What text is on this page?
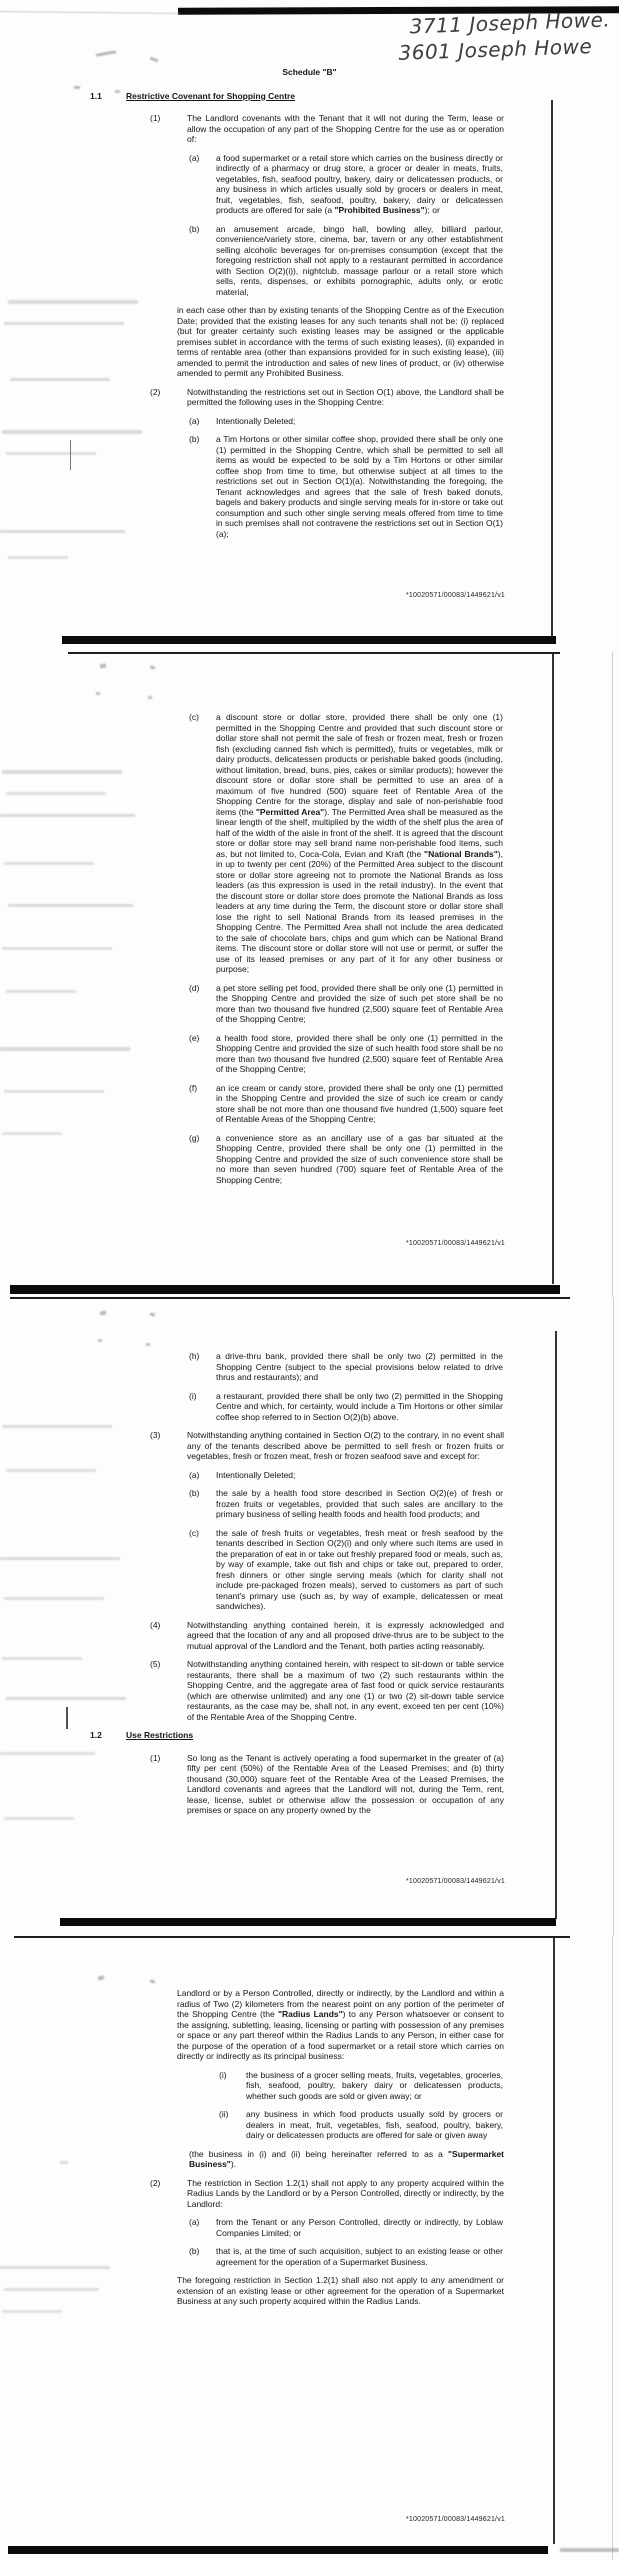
3711 Joseph Howe.
3601 Joseph Howe
Schedule "B"
1.1	Restrictive Covenant for Shopping Centre
(1)	The Landlord covenants with the Tenant that it will not during the Term, lease or allow the occupation of any part of the Shopping Centre for the use as or operation of:
(a)	a food supermarket or a retail store which carries on the business directly or indirectly of a pharmacy or drug store, a grocer or dealer in meats, fruits, vegetables, fish, seafood poultry, bakery, dairy or delicatessen products, or any business in which articles usually sold by grocers or dealers in meat, fruit, vegetables, fish, seafood, poultry, bakery, dairy or delicatessen products are offered for sale (a "Prohibited Business"); or
(b)	an amusement arcade, bingo hall, bowling alley, billiard parlour, convenience/variety store, cinema, bar, tavern or any other establishment selling alcoholic beverages for on-premises consumption (except that the foregoing restriction shall not apply to a restaurant permitted in accordance with Section O(2)(i)), nightclub, massage parlour or a retail store which sells, rents, dispenses, or exhibits pornographic, adults only, or erotic material,
in each case other than by existing tenants of the Shopping Centre as of the Execution Date; provided that the existing leases for any such tenants shall not be: (i) replaced (but for greater certainty such existing leases may be assigned or the applicable premises sublet in accordance with the terms of such existing leases), (ii) expanded in terms of rentable area (other than expansions provided for in such existing lease), (iii) amended to permit the introduction and sales of new lines of product, or (iv) otherwise amended to permit any Prohibited Business.
(2)	Notwithstanding the restrictions set out in Section O(1) above, the Landlord shall be permitted the following uses in the Shopping Centre:
(a)	Intentionally Deleted;
(b)	a Tim Hortons or other similar coffee shop, provided there shall be only one (1) permitted in the Shopping Centre, which shall be permitted to sell all items as would be expected to be sold by a Tim Hortons or other similar coffee shop from time to time, but otherwise subject at all times to the restrictions set out in Section O(1)(a). Notwithstanding the foregoing, the Tenant acknowledges and agrees that the sale of fresh baked donuts, bagels and bakery products and single serving meals for in-store or take out consumption and such other single serving meals offered from time to time in such premises shall not contravene the restrictions set out in Section O(1)(a);
*10020571/00083/1449621/v1
(c)	a discount store or dollar store, provided there shall be only one (1) permitted in the Shopping Centre and provided that such discount store or dollar store shall not permit the sale of fresh or frozen meat, fresh or frozen fish (excluding canned fish which is permitted), fruits or vegetables, milk or dairy products, delicatessen products or perishable baked goods (including, without limitation, bread, buns, pies, cakes or similar products); however the discount store or dollar store shall be permitted to use an area of a maximum of five hundred (500) square feet of Rentable Area of the Shopping Centre for the storage, display and sale of non-perishable food items (the "Permitted Area"). The Permitted Area shall be measured as the linear length of the shelf, multiplied by the width of the shelf plus the area of half of the width of the aisle in front of the shelf. It is agreed that the discount store or dollar store may sell brand name non-perishable food items, such as, but not limited to, Coca-Cola, Evian and Kraft (the "National Brands"), in up to twenty per cent (20%) of the Permitted Area subject to the discount store or dollar store agreeing not to promote the National Brands as loss leaders (as this expression is used in the retail industry). In the event that the discount store or dollar store does promote the National Brands as loss leaders at any time during the Term, the discount store or dollar store shall lose the right to sell National Brands from its leased premises in the Shopping Centre. The Permitted Area shall not include the area dedicated to the sale of chocolate bars, chips and gum which can be National Brand items. The discount store or dollar store will not use or permit, or suffer the use of its leased premises or any part of it for any other business or purpose;
(d)	a pet store selling pet food, provided there shall be only one (1) permitted in the Shopping Centre and provided the size of such pet store shall be no more than two thousand five hundred (2,500) square feet of Rentable Area of the Shopping Centre;
(e)	a health food store, provided there shall be only one (1) permitted in the Shopping Centre and provided the size of such health food store shall be no more than two thousand five hundred (2,500) square feet of Rentable Area of the Shopping Centre;
(f)	an ice cream or candy store, provided there shall be only one (1) permitted in the Shopping Centre and provided the size of such ice cream or candy store shall be not more than one thousand five hundred (1,500) square feet of Rentable Areas of the Shopping Centre;
(g)	a convenience store as an ancillary use of a gas bar situated at the Shopping Centre, provided there shall be only one (1) permitted in the Shopping Centre and provided the size of such convenience store shall be no more than seven hundred (700) square feet of Rentable Area of the Shopping Centre;
*10020571/00083/1449621/v1
(h)	a drive-thru bank, provided there shall be only two (2) permitted in the Shopping Centre (subject to the special provisions below related to drive thrus and restaurants); and
(i)	a restaurant, provided there shall be only two (2) permitted in the Shopping Centre and which, for certainty, would include a Tim Hortons or other similar coffee shop referred to in Section O(2)(b) above.
(3)	Notwithstanding anything contained in Section O(2) to the contrary, in no event shall any of the tenants described above be permitted to sell fresh or frozen fruits or vegetables, fresh or frozen meat, fresh or frozen seafood save and except for:
(a)	Intentionally Deleted;
(b)	the sale by a health food store described in Section O(2)(e) of fresh or frozen fruits or vegetables, provided that such sales are ancillary to the primary business of selling health foods and health food products; and
(c)	the sale of fresh fruits or vegetables, fresh meat or fresh seafood by the tenants described in Section O(2)(i) and only where such items are used in the preparation of eat in or take out freshly prepared food or meals, such as, by way of example, take out fish and chips or take out, prepared to order, fresh dinners or other single serving meals (which for clarity shall not include pre-packaged frozen meals), served to customers as part of such tenant's primary use (such as, by way of example, delicatessen or meat sandwiches).
(4)	Notwithstanding anything contained herein, it is expressly acknowledged and agreed that the location of any and all proposed drive-thrus are to be subject to the mutual approval of the Landlord and the Tenant, both parties acting reasonably.
(5)	Notwithstanding anything contained herein, with respect to sit-down or table service restaurants, there shall be a maximum of two (2) such restaurants within the Shopping Centre, and the aggregate area of fast food or quick service restaurants (which are otherwise unlimited) and any one (1) or two (2) sit-down table service restaurants, as the case may be, shall not, in any event, exceed ten per cent (10%) of the Rentable Area of the Shopping Centre.
1.2	Use Restrictions
(1)	So long as the Tenant is actively operating a food supermarket in the greater of (a) fifty per cent (50%) of the Rentable Area of the Leased Premises; and (b) thirty thousand (30,000) square feet of the Rentable Area of the Leased Premises, the Landlord covenants and agrees that the Landlord will not, during the Term, rent, lease, license, sublet or otherwise allow the possession or occupation of any premises or space on any property owned by the
*10020571/00083/1449621/v1
Landlord or by a Person Controlled, directly or indirectly, by the Landlord and within a radius of Two (2) kilometers from the nearest point on any portion of the perimeter of the Shopping Centre (the "Radius Lands") to any Person whatsoever or consent to the assigning, subletting, leasing, licensing or parting with possession of any premises or space or any part thereof within the Radius Lands to any Person, in either case for the purpose of the operation of a food supermarket or a retail store which carries on directly or indirectly as its principal business:
(i)	the business of a grocer selling meats, fruits, vegetables, groceries, fish, seafood, poultry, bakery dairy or delicatessen products, whether such goods are sold or given away; or
(ii)	any business in which food products usually sold by grocers or dealers in meat, fruit, vegetables, fish, seafood, poultry, bakery, dairy or delicatessen products are offered for sale or given away
(the business in (i) and (ii) being hereinafter referred to as a "Supermarket Business").
(2)	The restriction in Section 1.2(1) shall not apply to any property acquired within the Radius Lands by the Landlord or by a Person Controlled, directly or indirectly, by the Landlord:
(a)	from the Tenant or any Person Controlled, directly or indirectly, by Loblaw Companies Limited; or
(b)	that is, at the time of such acquisition, subject to an existing lease or other agreement for the operation of a Supermarket Business.
The foregoing restriction in Section 1.2(1) shall also not apply to any amendment or extension of an existing lease or other agreement for the operation of a Supermarket Business at any such property acquired within the Radius Lands.
*10020571/00083/1449621/v1
